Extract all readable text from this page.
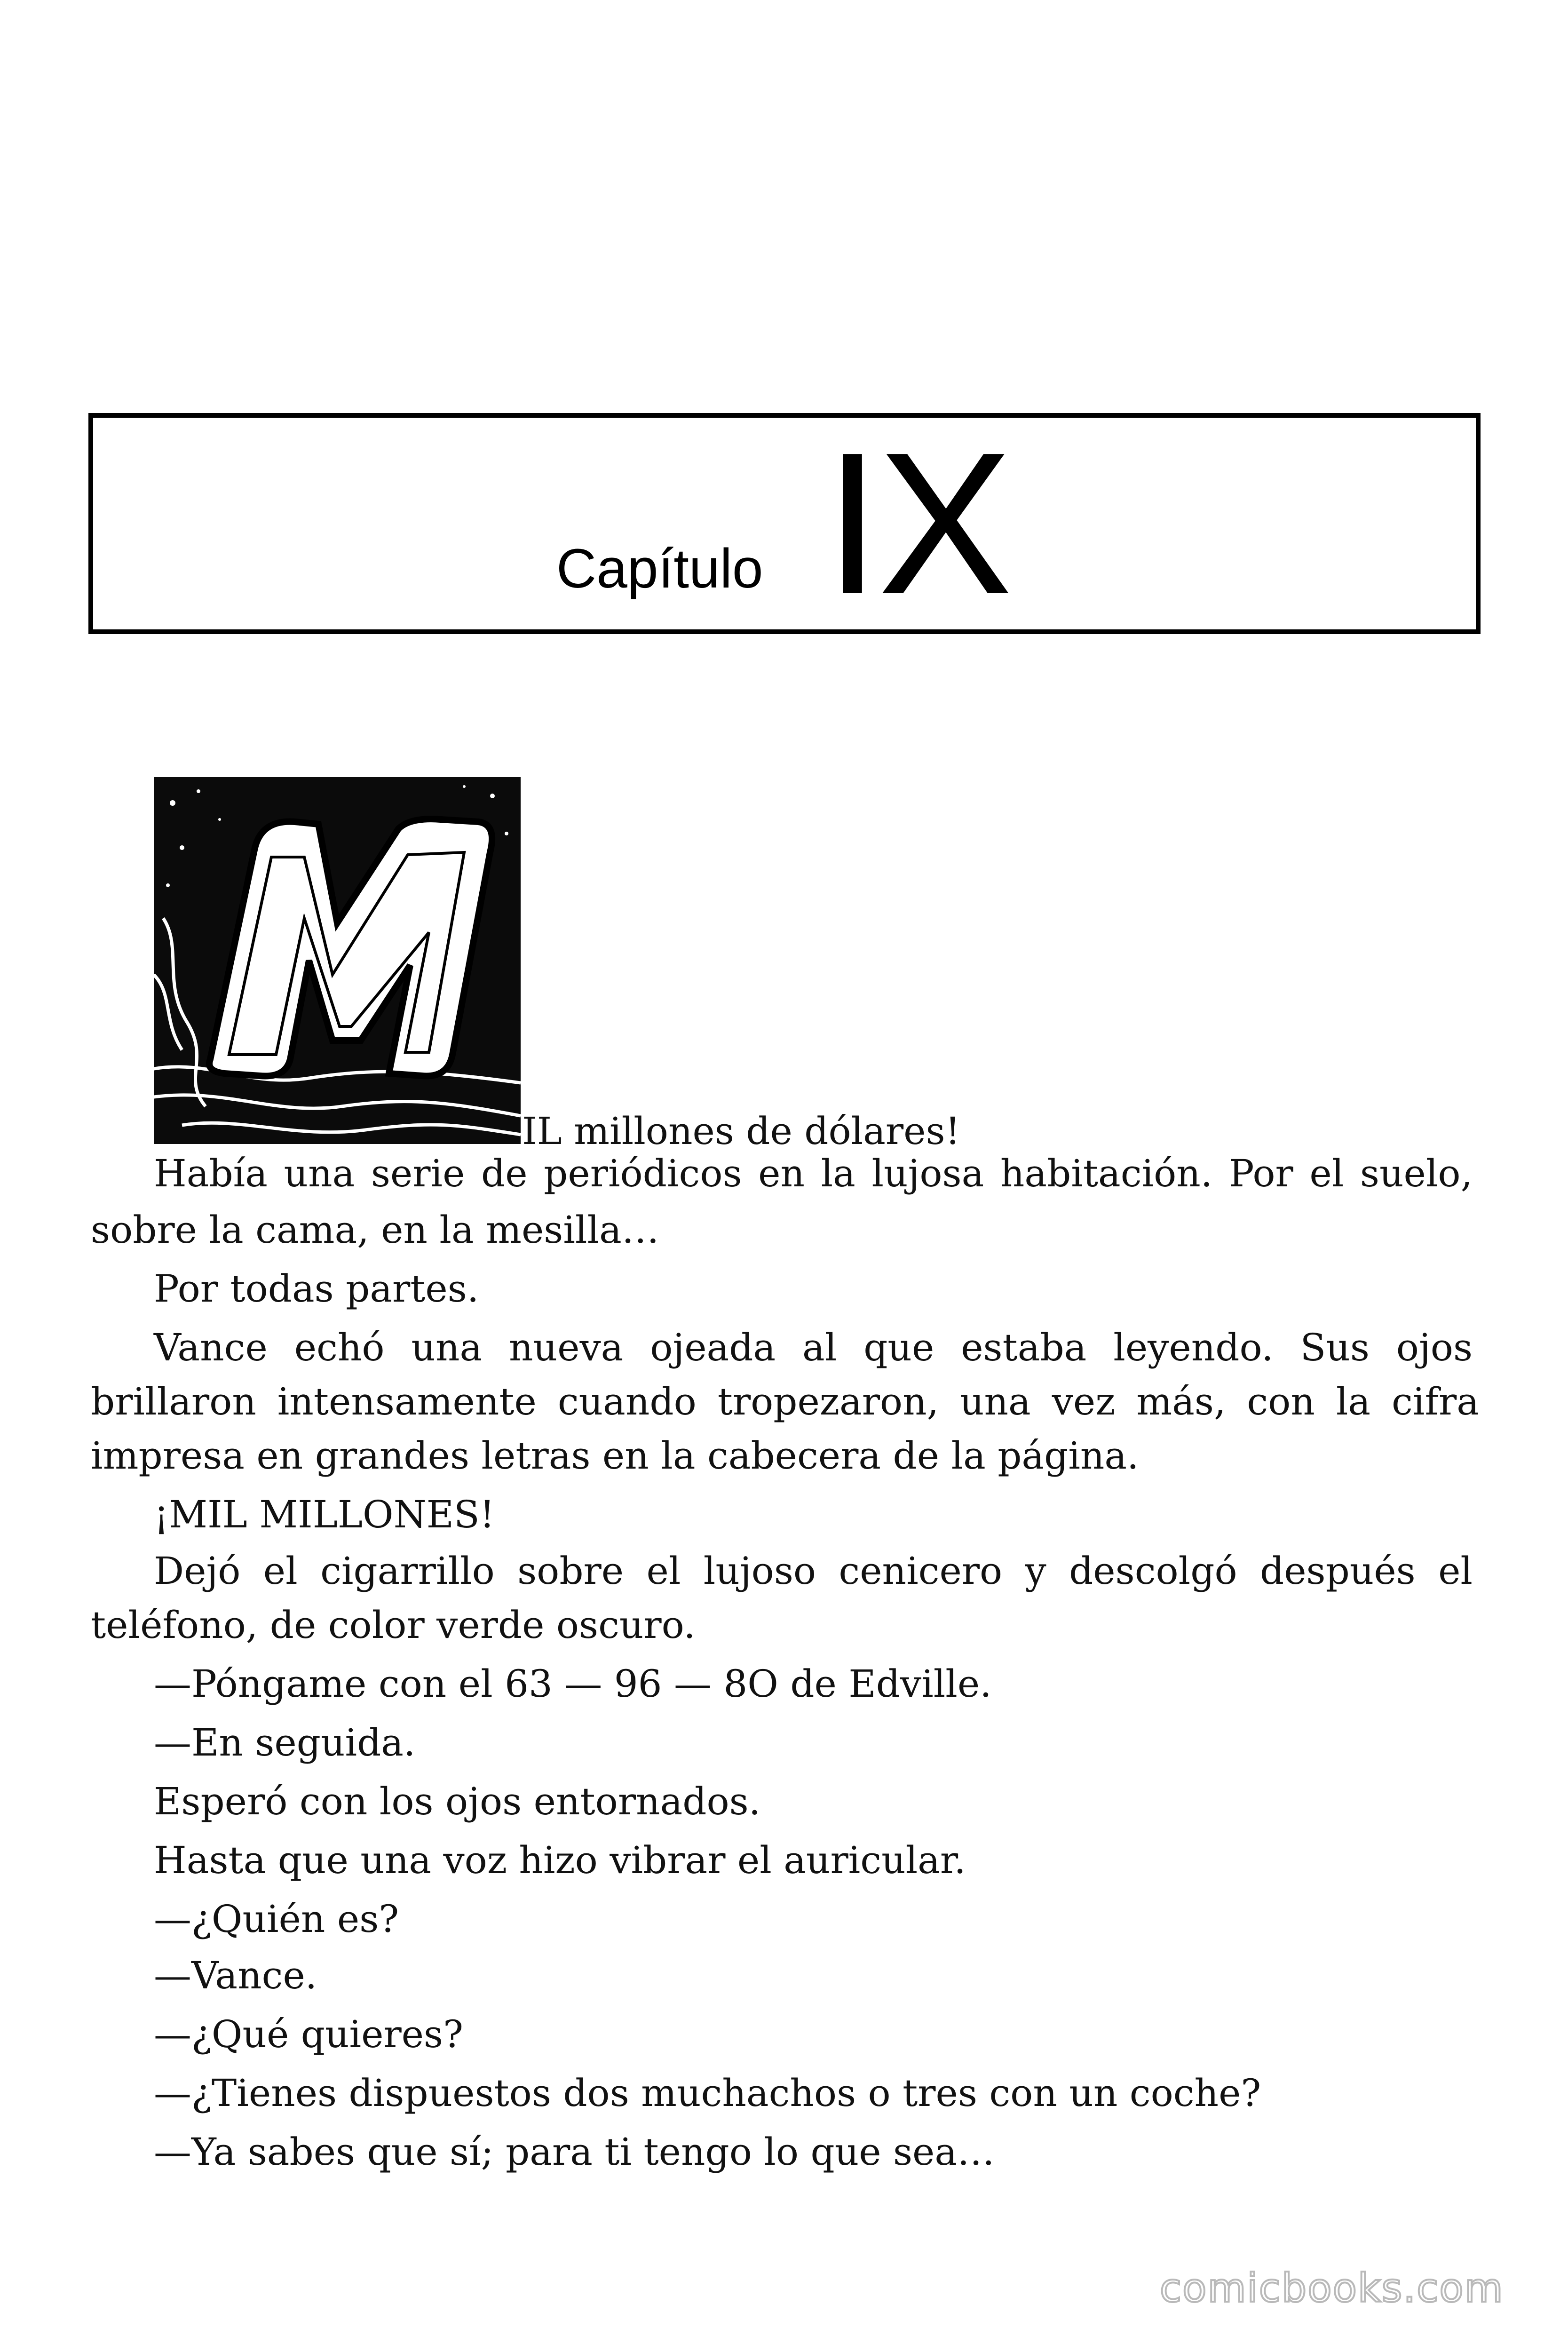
Capítulo IX
IL millones de dólares!
Había una serie de periódicos en la lujosa habitación. Por el suelo,
sobre la cama, en la mesilla…
Por todas partes.
Vance echó una nueva ojeada al que estaba leyendo. Sus ojos
brillaron intensamente cuando tropezaron, una vez más, con la cifra
impresa en grandes letras en la cabecera de la página.
¡MIL MILLONES!
Dejó el cigarrillo sobre el lujoso cenicero y descolgó después el
teléfono, de color verde oscuro.
—Póngame con el 63 — 96 — 8O de Edville.
—En seguida.
Esperó con los ojos entornados.
Hasta que una voz hizo vibrar el auricular.
—¿Quién es?
—Vance.
—¿Qué quieres?
—¿Tienes dispuestos dos muchachos o tres con un coche?
—Ya sabes que sí; para ti tengo lo que sea…
comicbooks.com
